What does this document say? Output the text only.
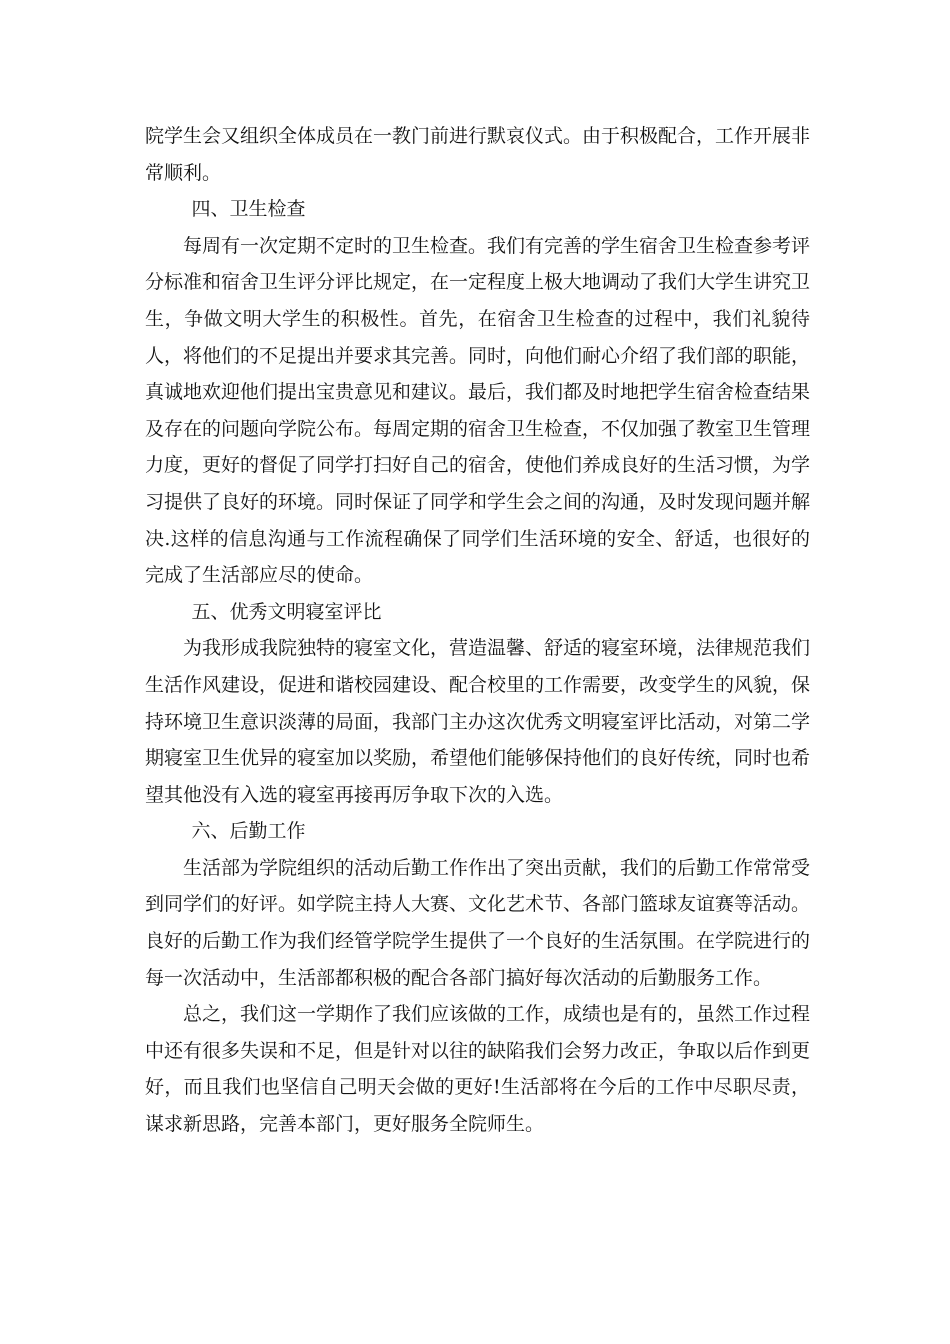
院学生会又组织全体成员在一教门前进行默哀仪式。由于积极配合，工作开展非常顺利。

四、卫生检查

每周有一次定期不定时的卫生检查。我们有完善的学生宿舍卫生检查参考评分标准和宿舍卫生评分评比规定，在一定程度上极大地调动了我们大学生讲究卫生，争做文明大学生的积极性。首先，在宿舍卫生检查的过程中，我们礼貌待人，将他们的不足提出并要求其完善。同时，向他们耐心介绍了我们部的职能，真诚地欢迎他们提出宝贵意见和建议。最后，我们都及时地把学生宿舍检查结果及存在的问题向学院公布。每周定期的宿舍卫生检查，不仅加强了教室卫生管理力度，更好的督促了同学打扫好自己的宿舍，使他们养成良好的生活习惯，为学习提供了良好的环境。同时保证了同学和学生会之间的沟通，及时发现问题并解决.这样的信息沟通与工作流程确保了同学们生活环境的安全、舒适，也很好的完成了生活部应尽的使命。

五、优秀文明寝室评比

为我形成我院独特的寝室文化，营造温馨、舒适的寝室环境，法律规范我们生活作风建设，促进和谐校园建设、配合校里的工作需要，改变学生的风貌，保持环境卫生意识淡薄的局面，我部门主办这次优秀文明寝室评比活动，对第二学期寝室卫生优异的寝室加以奖励，希望他们能够保持他们的良好传统，同时也希望其他没有入选的寝室再接再厉争取下次的入选。

六、后勤工作

生活部为学院组织的活动后勤工作作出了突出贡献，我们的后勤工作常常受到同学们的好评。如学院主持人大赛、文化艺术节、各部门篮球友谊赛等活动。良好的后勤工作为我们经管学院学生提供了一个良好的生活氛围。在学院进行的每一次活动中，生活部都积极的配合各部门搞好每次活动的后勤服务工作。

总之，我们这一学期作了我们应该做的工作，成绩也是有的，虽然工作过程中还有很多失误和不足，但是针对以往的缺陷我们会努力改正，争取以后作到更好，而且我们也坚信自己明天会做的更好!生活部将在今后的工作中尽职尽责，谋求新思路，完善本部门，更好服务全院师生。
